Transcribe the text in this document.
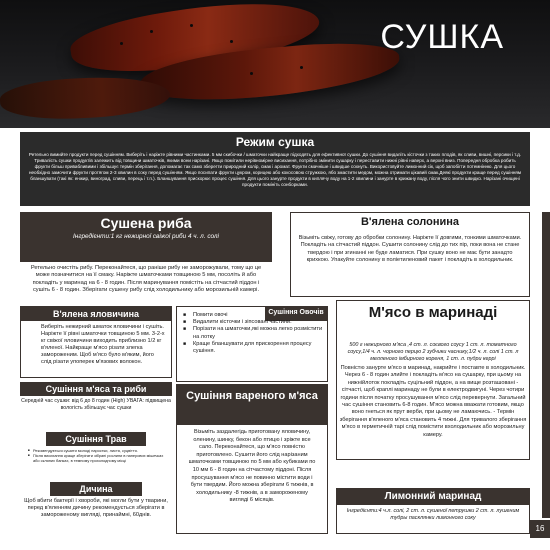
СУШКА
Режим сушка

Ретельно вимийте продукти перед сушінням. Виберіть і наріжте рівними частинками. 5 мм скибочки / шматочки найкраще підходять для ефективної сушки. До сушіння видаліть кісточки з таких плодів, як сливи, вишні, персики і т.д. Тривалість сушки продуктів залежить від товщини шматочків, якими вони нарізані. Якщо помітили нерівномірне висихання, потрібно змінити сушарку і переставити нижні рівні наверх, а верхні вниз. Попередня обробка робить фрукти більш привабливими і збільшує термін зберігання, допомагає так само зберегти природний колір, смак і аромат. Фрукти смачніше і швидше сохнуть. Використовуйте лимонний сік, щоб запобігти потемнінню. Для цього необхідно замочити фрукти протягом 2-3 хвилин в соку перед сушінням. Якщо посипати фрукти цукром, корицею або кокосовою стружкою, ябо змастити медом, можна отримати цікавий смак.Деякі продукти краще перед сушінням бланшувати (такі як: енжир, виноград, сливи, перець і т.п.). Бланшування прискорює процес сушіння. Для цього занурте продукти в киплячу воду на 1-2 хвилини і занурте в крижану воду, після чого знити швидко. Нарізані очищені продукти помініть сонборками.

Сушена риба

Інгредієнти:1 кг нежирної свіжої риби 4 ч. л. солі

Ретельно очистіть рибу. Переконайтеся, що раніше рибу не заморожували, тому що це може позначитися на її смаку. Наріжте шматочками товщиною 5 мм, посоліть й або покладіть у маринад на 6 - 8 годин. Після маринування помістіть на сітчастий піддон і сушіть 6 - 8 годин. Зберігати сушену рибу слід холодильнику або морозильній камері.

В'ялена солонина

Візьміть свіжу, готову до обробки солонину. Наріжте її довгими, тонкими шматочками. Покладіть на сітчастий піддон. Сушити солонину слід до тих пір, поки вона не стане твердою і при згинанні не буде ламатися. При сушку воно не має бути занадто крихкою. Упакуйте солонину в поліетиленовий пакет і покладіть в холодильник.

В'ялена яловичина

Виберіть нежирний шматок яловичини і сушіть. Наріжте її рівні шматочки товщиною 5 мм. 3-2-х кг свіжої яловичини виходить приблизно 1/2 кг в'яленої. Найкраще м'ясо різати злегка замороженим. Щоб м'ясо було м'яким, його слід різати упоперек м'язових волокон.

Сушіння м'яса та риби

Середній час сушки: від 6 до 8 годин (High) УВАГА: підвищена вологість збільшує час сушки

Сушіння Трав
■ Рекомендується сушити молоді паростки, листя, суцвіття.
■ Після висихання краще зберігати зібрані рослини в паперових мішечках або скляних банках, в темному прохолодному місці
Дичина

Щоб вбити бактерії і хвороби, які могли бути у тварини, перед в'яленням дичину рекомендується зберігати в замороженому вигляді, принаймні, 60днів.

Сушіння Овочів
■ Помити овочі
■ Видалити кісточки і зіпсовані частини.
■ Порізати на шматочки,які можна легко розмістити на лотку
■ Краще бланшувати для прискорення процесу сушіння.
Сушіння вареного м'яса

Візьміть заздалегідь приготовану яловичину, оленину, шинку, бекон або птицю і зріжте все сало. Переконайтеся, що м'ясо повністю приготовлено. Сушити його слід нарізаним шматочками товщиною по 5 мм або кубиками по 10 мм 6 - 8 годин на сітчастому піддоні. Після просушування м'ясо не повинно містити води і бути твердим. Його можна зберігати 6 тижнів, в холодильнику -8 тижнів, а в замороженому вигляді 6 місяців.

М'ясо в маринаді

500 г нежирного м'яса ,4 ст. л. соєвого соусу 1 ст. л. томатного соусу,1/4 ч. л. чорного перцю 2 зубчики часнику,1/2 ч. л. солі 1 ст. л мелленого імбирного кореня, 1 ст. л. пудри керрі

Повністю занурте м'ясо в маринад, накрийте і поставте в холодильник. Через 6 - 8 годин злийте і покладіть м'ясо на сушарку, при цьому на нижнійлоток покладіть суцільний піддон, а на вище розташовані - сітчасті, щоб краплі маринаду не були в електродвигуні. Через чотири години після початку просушування м'ясо слід перевернути. Загальний час сушіння становить 6-8 годин. М'ясо можна вважати готовим, якщо воно гнеться як прут верби, при цьому не ламаючись. - Термін зберігання в'яленого м'яса становить 4 тижні. Для тривалого зберігання м'ясо в герметичній тарі слід помістити вхолодильник або морозильну камеру.

Лимонний маринад

Інгредієнти:4 ч.л. солі, 2 ст. л. сушеної петрушки 2 ст. л. лушеним тудры пасклянки лимонного соку

16
